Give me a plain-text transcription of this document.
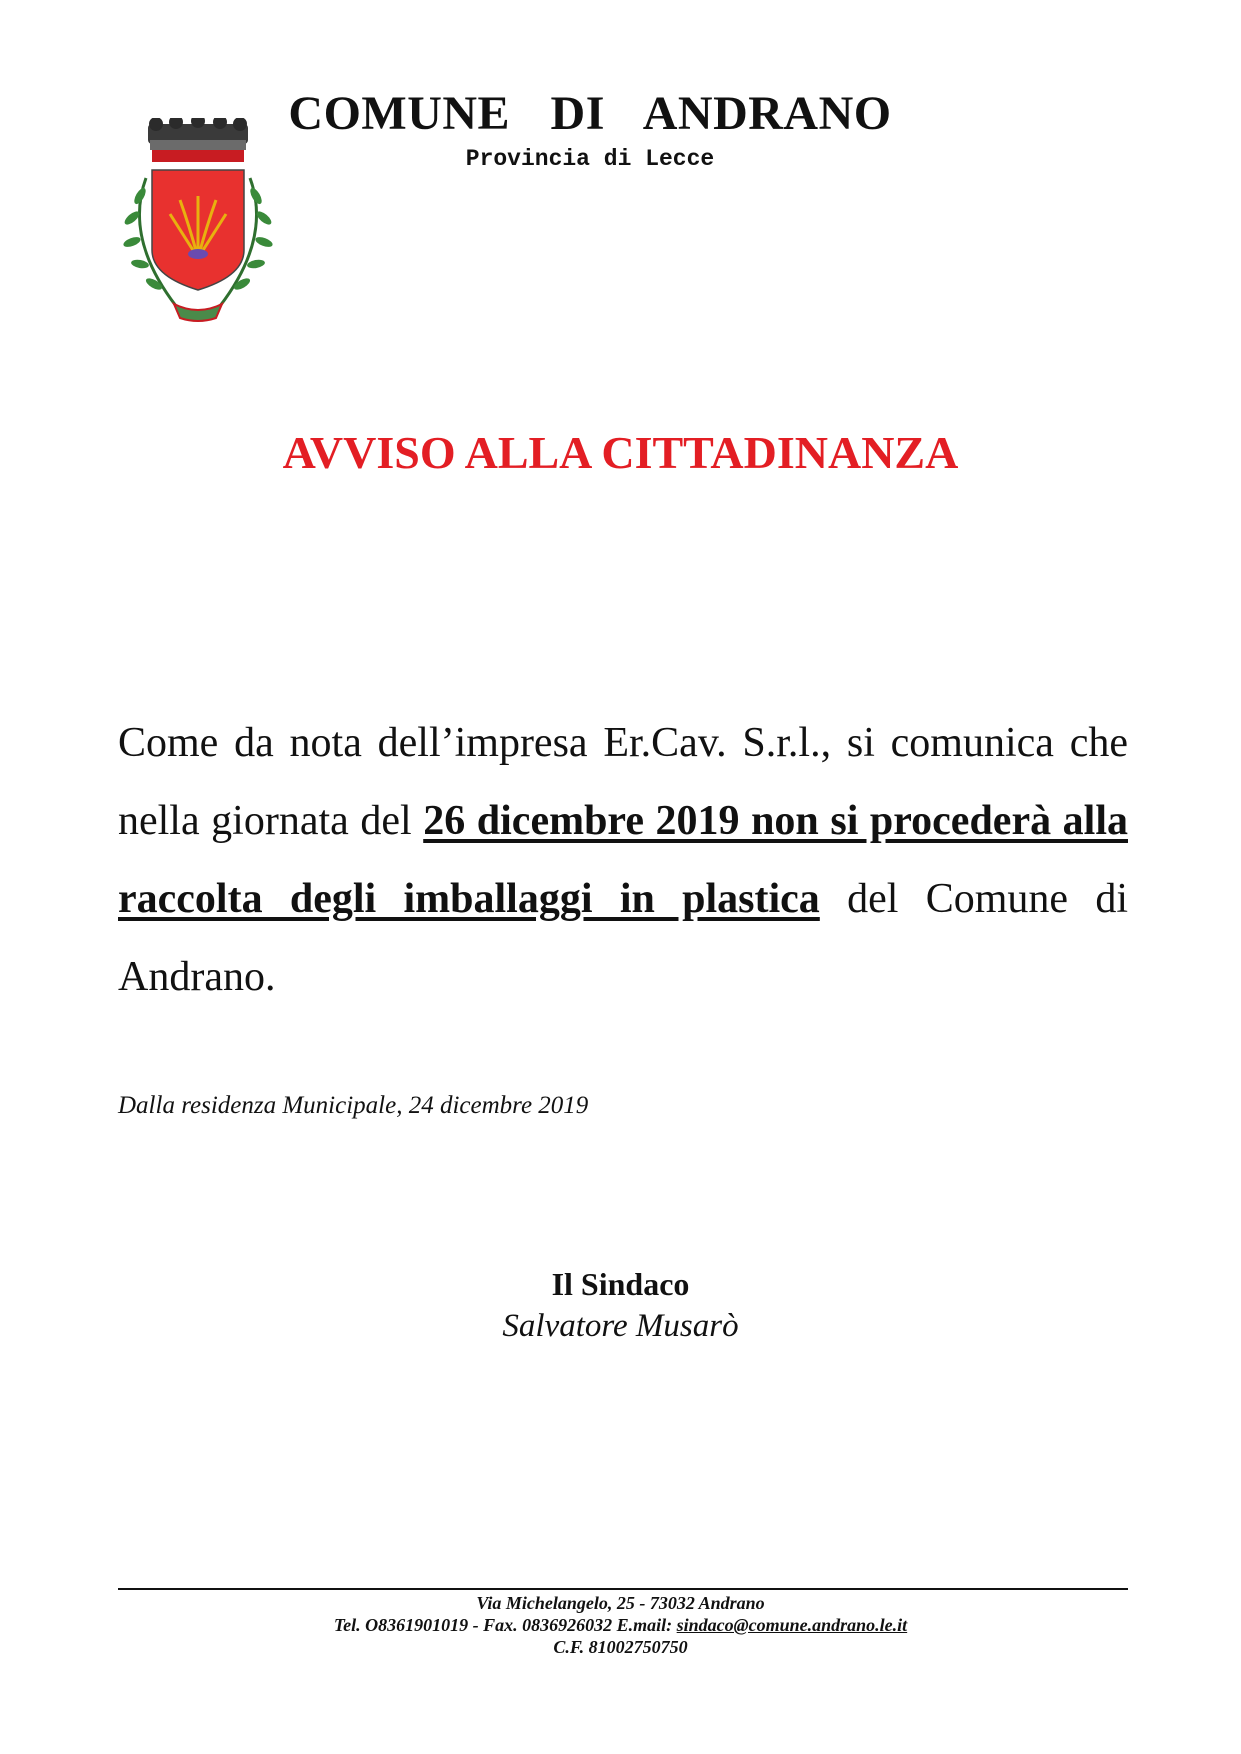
COMUNE DI ANDRANO
Provincia di Lecce
AVVISO ALLA CITTADINANZA
Come da nota dell’impresa Er.Cav. S.r.l., si comunica che nella giornata del 26 dicembre 2019 non si procederà alla raccolta degli imballaggi in plastica del Comune di Andrano.
Dalla residenza Municipale, 24 dicembre 2019
Il Sindaco
Salvatore Musarò
Via Michelangelo, 25 - 73032 Andrano
Tel. O8361901019 - Fax. 0836926032 E.mail: sindaco@comune.andrano.le.it
C.F. 81002750750
